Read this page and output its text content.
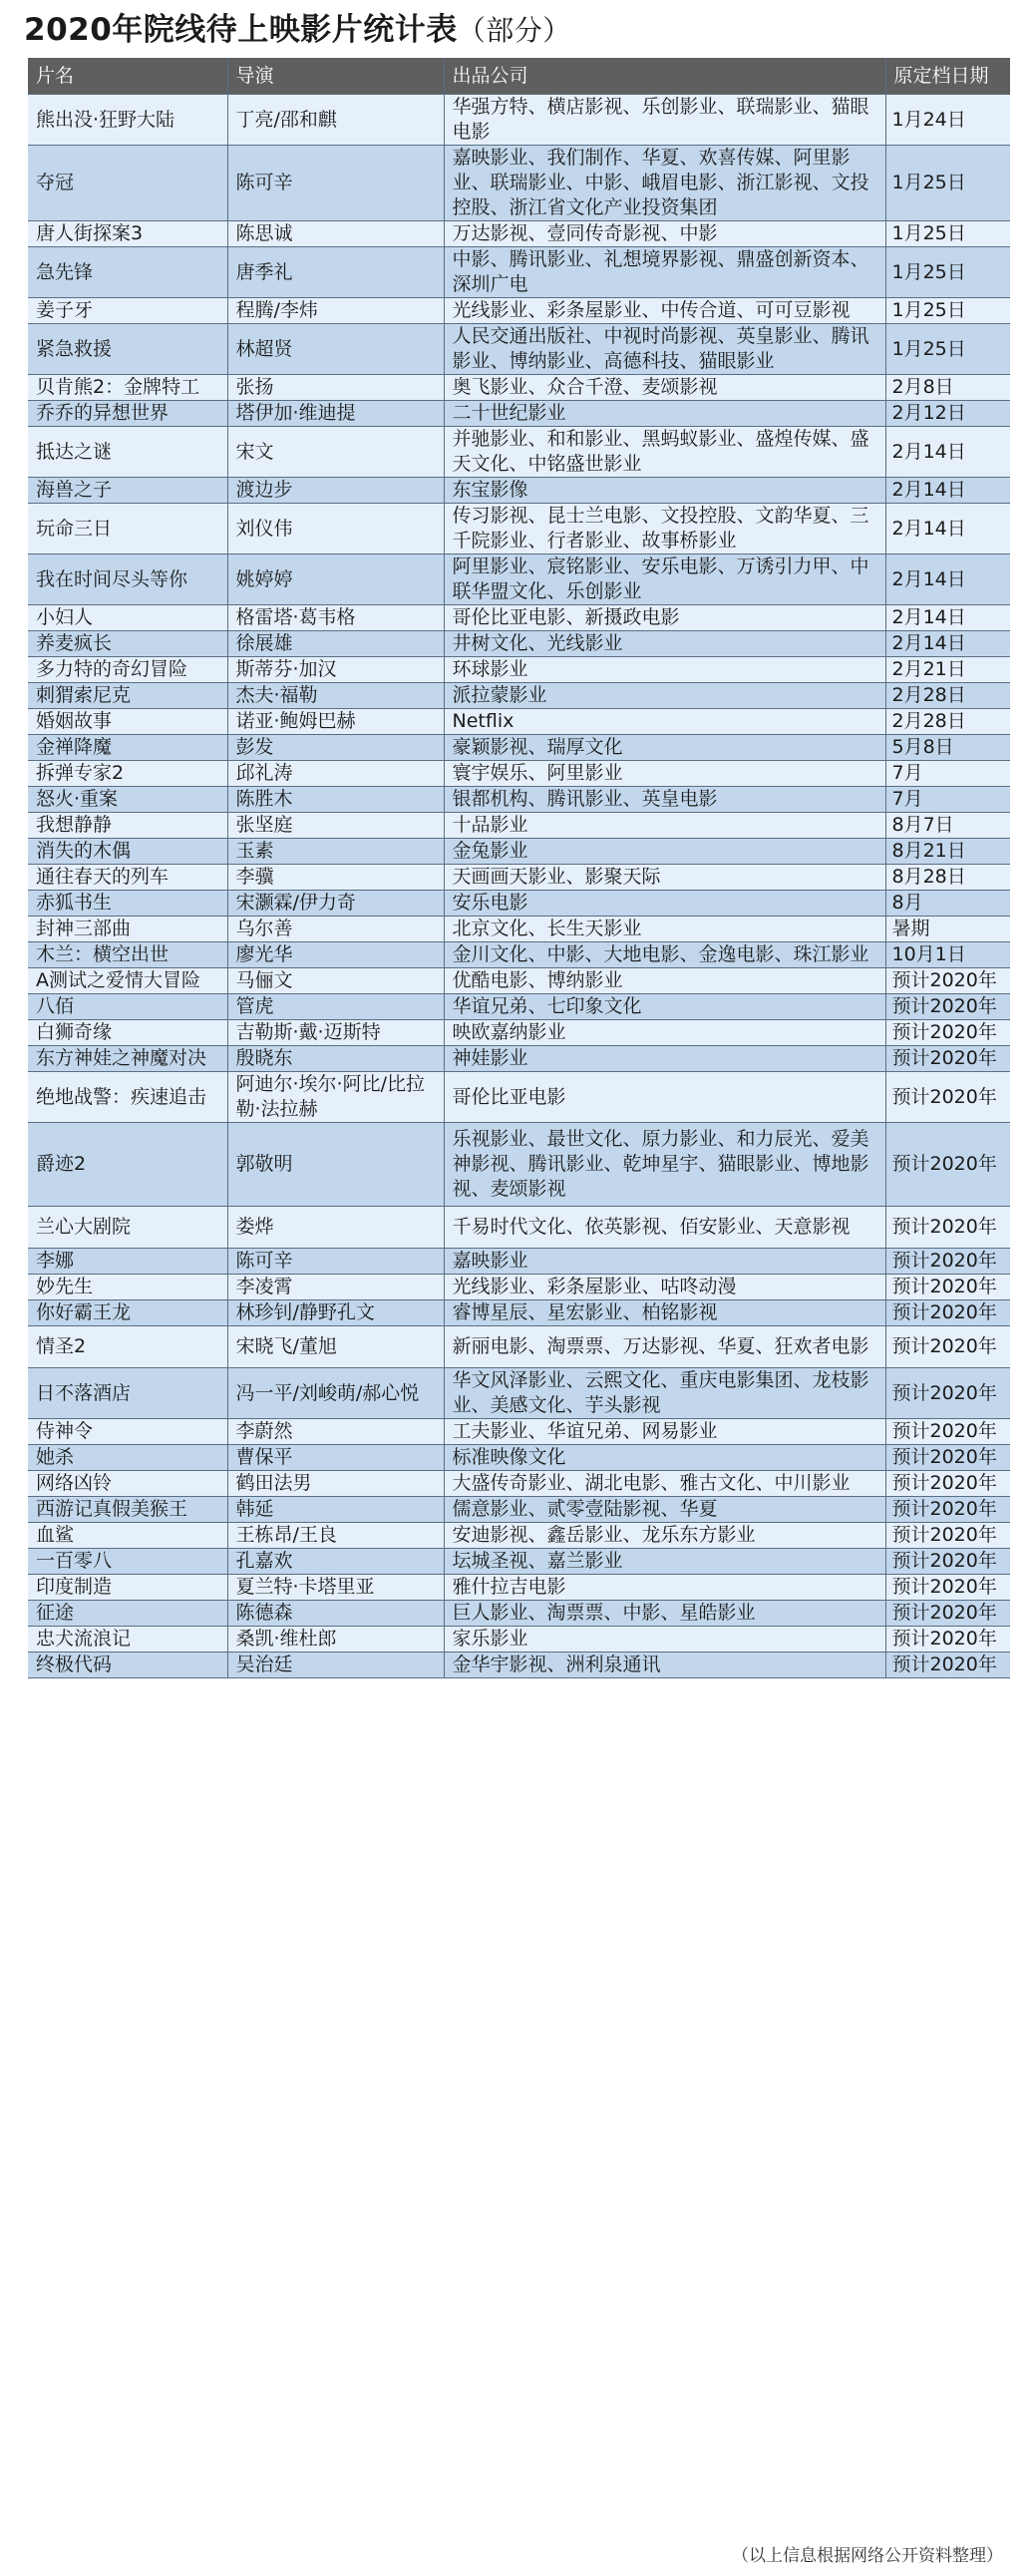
2020年院线待上映影片统计表（部分）
片名	导演	出品公司	原定档日期
熊出没·狂野大陆	丁亮/邵和麒	华强方特、横店影视、乐创影业、联瑞影业、猫眼电影	1月24日
夺冠	陈可辛	嘉映影业、我们制作、华夏、欢喜传媒、阿里影业、联瑞影业、中影、峨眉电影、浙江影视、文投控股、浙江省文化产业投资集团	1月25日
唐人街探案3	陈思诚	万达影视、壹同传奇影视、中影	1月25日
急先锋	唐季礼	中影、腾讯影业、礼想境界影视、鼎盛创新资本、深圳广电	1月25日
姜子牙	程腾/李炜	光线影业、彩条屋影业、中传合道、可可豆影视	1月25日
紧急救援	林超贤	人民交通出版社、中视时尚影视、英皇影业、腾讯影业、博纳影业、高德科技、猫眼影业	1月25日
贝肯熊2：金牌特工	张扬	奥飞影业、众合千澄、麦颂影视	2月8日
乔乔的异想世界	塔伊加·维迪提	二十世纪影业	2月12日
抵达之谜	宋文	并驰影业、和和影业、黑蚂蚁影业、盛煌传媒、盛天文化、中铭盛世影业	2月14日
海兽之子	渡边步	东宝影像	2月14日
玩命三日	刘仪伟	传习影视、昆士兰电影、文投控股、文韵华夏、三千院影业、行者影业、故事桥影业	2月14日
我在时间尽头等你	姚婷婷	阿里影业、宸铭影业、安乐电影、万诱引力甲、中联华盟文化、乐创影业	2月14日
小妇人	格雷塔·葛韦格	哥伦比亚电影、新摄政电影	2月14日
养麦疯长	徐展雄	井树文化、光线影业	2月14日
多力特的奇幻冒险	斯蒂芬·加汉	环球影业	2月21日
刺猬索尼克	杰夫·福勒	派拉蒙影业	2月28日
婚姻故事	诺亚·鲍姆巴赫	Netflix	2月28日
金禅降魔	彭发	豪颖影视、瑞厚文化	5月8日
拆弹专家2	邱礼涛	寰宇娱乐、阿里影业	7月
怒火·重案	陈胜木	银都机构、腾讯影业、英皇电影	7月
我想静静	张坚庭	十品影业	8月7日
消失的木偶	玉素	金兔影业	8月21日
通往春天的列车	李骥	天画画天影业、影聚天际	8月28日
赤狐书生	宋灏霖/伊力奇	安乐电影	8月
封神三部曲	乌尔善	北京文化、长生天影业	暑期
木兰：横空出世	廖光华	金川文化、中影、大地电影、金逸电影、珠江影业	10月1日
A测试之爱情大冒险	马俪文	优酷电影、博纳影业	预计2020年
八佰	管虎	华谊兄弟、七印象文化	预计2020年
白狮奇缘	吉勒斯·戴·迈斯特	映欧嘉纳影业	预计2020年
东方神娃之神魔对决	殷晓东	神娃影业	预计2020年
绝地战警：疾速追击	阿迪尔·埃尔·阿比/比拉勒·法拉赫	哥伦比亚电影	预计2020年
爵迹2	郭敬明	乐视影业、最世文化、原力影业、和力辰光、爱美神影视、腾讯影业、乾坤星宇、猫眼影业、博地影视、麦颂影视	预计2020年
兰心大剧院	娄烨	千易时代文化、依英影视、佰安影业、天意影视	预计2020年
李娜	陈可辛	嘉映影业	预计2020年
妙先生	李凌霄	光线影业、彩条屋影业、咕咚动漫	预计2020年
你好霸王龙	林珍钊/静野孔文	睿博星辰、星宏影业、柏铭影视	预计2020年
情圣2	宋晓飞/董旭	新丽电影、淘票票、万达影视、华夏、狂欢者电影	预计2020年
日不落酒店	冯一平/刘峻萌/郝心悦	华文风泽影业、云熙文化、重庆电影集团、龙枝影业、美感文化、芋头影视	预计2020年
侍神令	李蔚然	工夫影业、华谊兄弟、网易影业	预计2020年
她杀	曹保平	标准映像文化	预计2020年
网络凶铃	鹤田法男	大盛传奇影业、湖北电影、雅古文化、中川影业	预计2020年
西游记真假美猴王	韩延	儒意影业、贰零壹陆影视、华夏	预计2020年
血鲨	王栋昂/王良	安迪影视、鑫岳影业、龙乐东方影业	预计2020年
一百零八	孔嘉欢	坛城圣视、嘉兰影业	预计2020年
印度制造	夏兰特·卡塔里亚	雅什拉吉电影	预计2020年
征途	陈德森	巨人影业、淘票票、中影、星皓影业	预计2020年
忠犬流浪记	桑凯·维杜郎	家乐影业	预计2020年
终极代码	吴治廷	金华宇影视、洲利泉通讯	预计2020年
（以上信息根据网络公开资料整理）
